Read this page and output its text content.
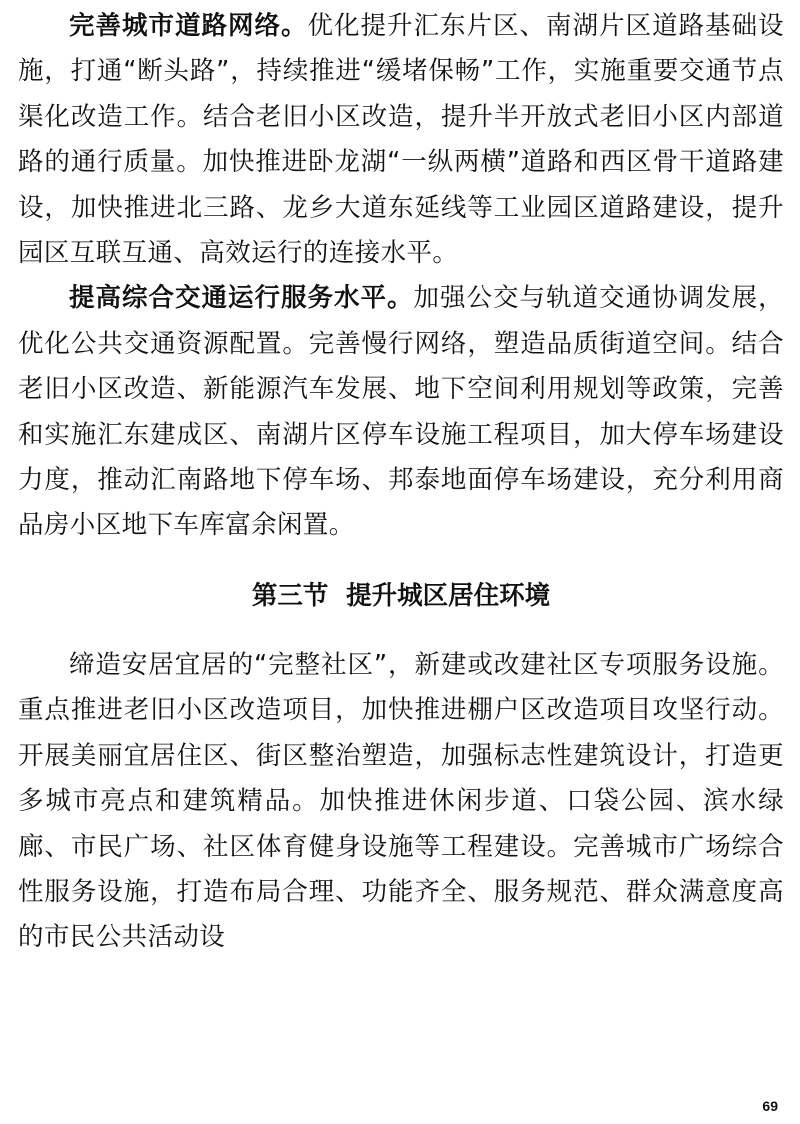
完善城市道路网络。优化提升汇东片区、南湖片区道路基础设施，打通“断头路”，持续推进“缓堵保畅”工作，实施重要交通节点渠化改造工作。结合老旧小区改造，提升半开放式老旧小区内部道路的通行质量。加快推进卧龙湖“一纵两横”道路和西区骨干道路建设，加快推进北三路、龙乡大道东延线等工业园区道路建设，提升园区互联互通、高效运行的连接水平。

提高综合交通运行服务水平。加强公交与轨道交通协调发展，优化公共交通资源配置。完善慢行网络，塑造品质街道空间。结合老旧小区改造、新能源汽车发展、地下空间利用规划等政策，完善和实施汇东建成区、南湖片区停车设施工程项目，加大停车场建设力度，推动汇南路地下停车场、邦泰地面停车场建设，充分利用商品房小区地下车库富余闲置。

第三节  提升城区居住环境

缔造安居宜居的“完整社区”，新建或改建社区专项服务设施。重点推进老旧小区改造项目，加快推进棚户区改造项目攻坚行动。开展美丽宜居住区、街区整治塑造，加强标志性建筑设计，打造更多城市亮点和建筑精品。加快推进休闲步道、口袋公园、滨水绿廊、市民广场、社区体育健身设施等工程建设。完善城市广场综合性服务设施，打造布局合理、功能齐全、服务规范、群众满意度高的市民公共活动设

69
